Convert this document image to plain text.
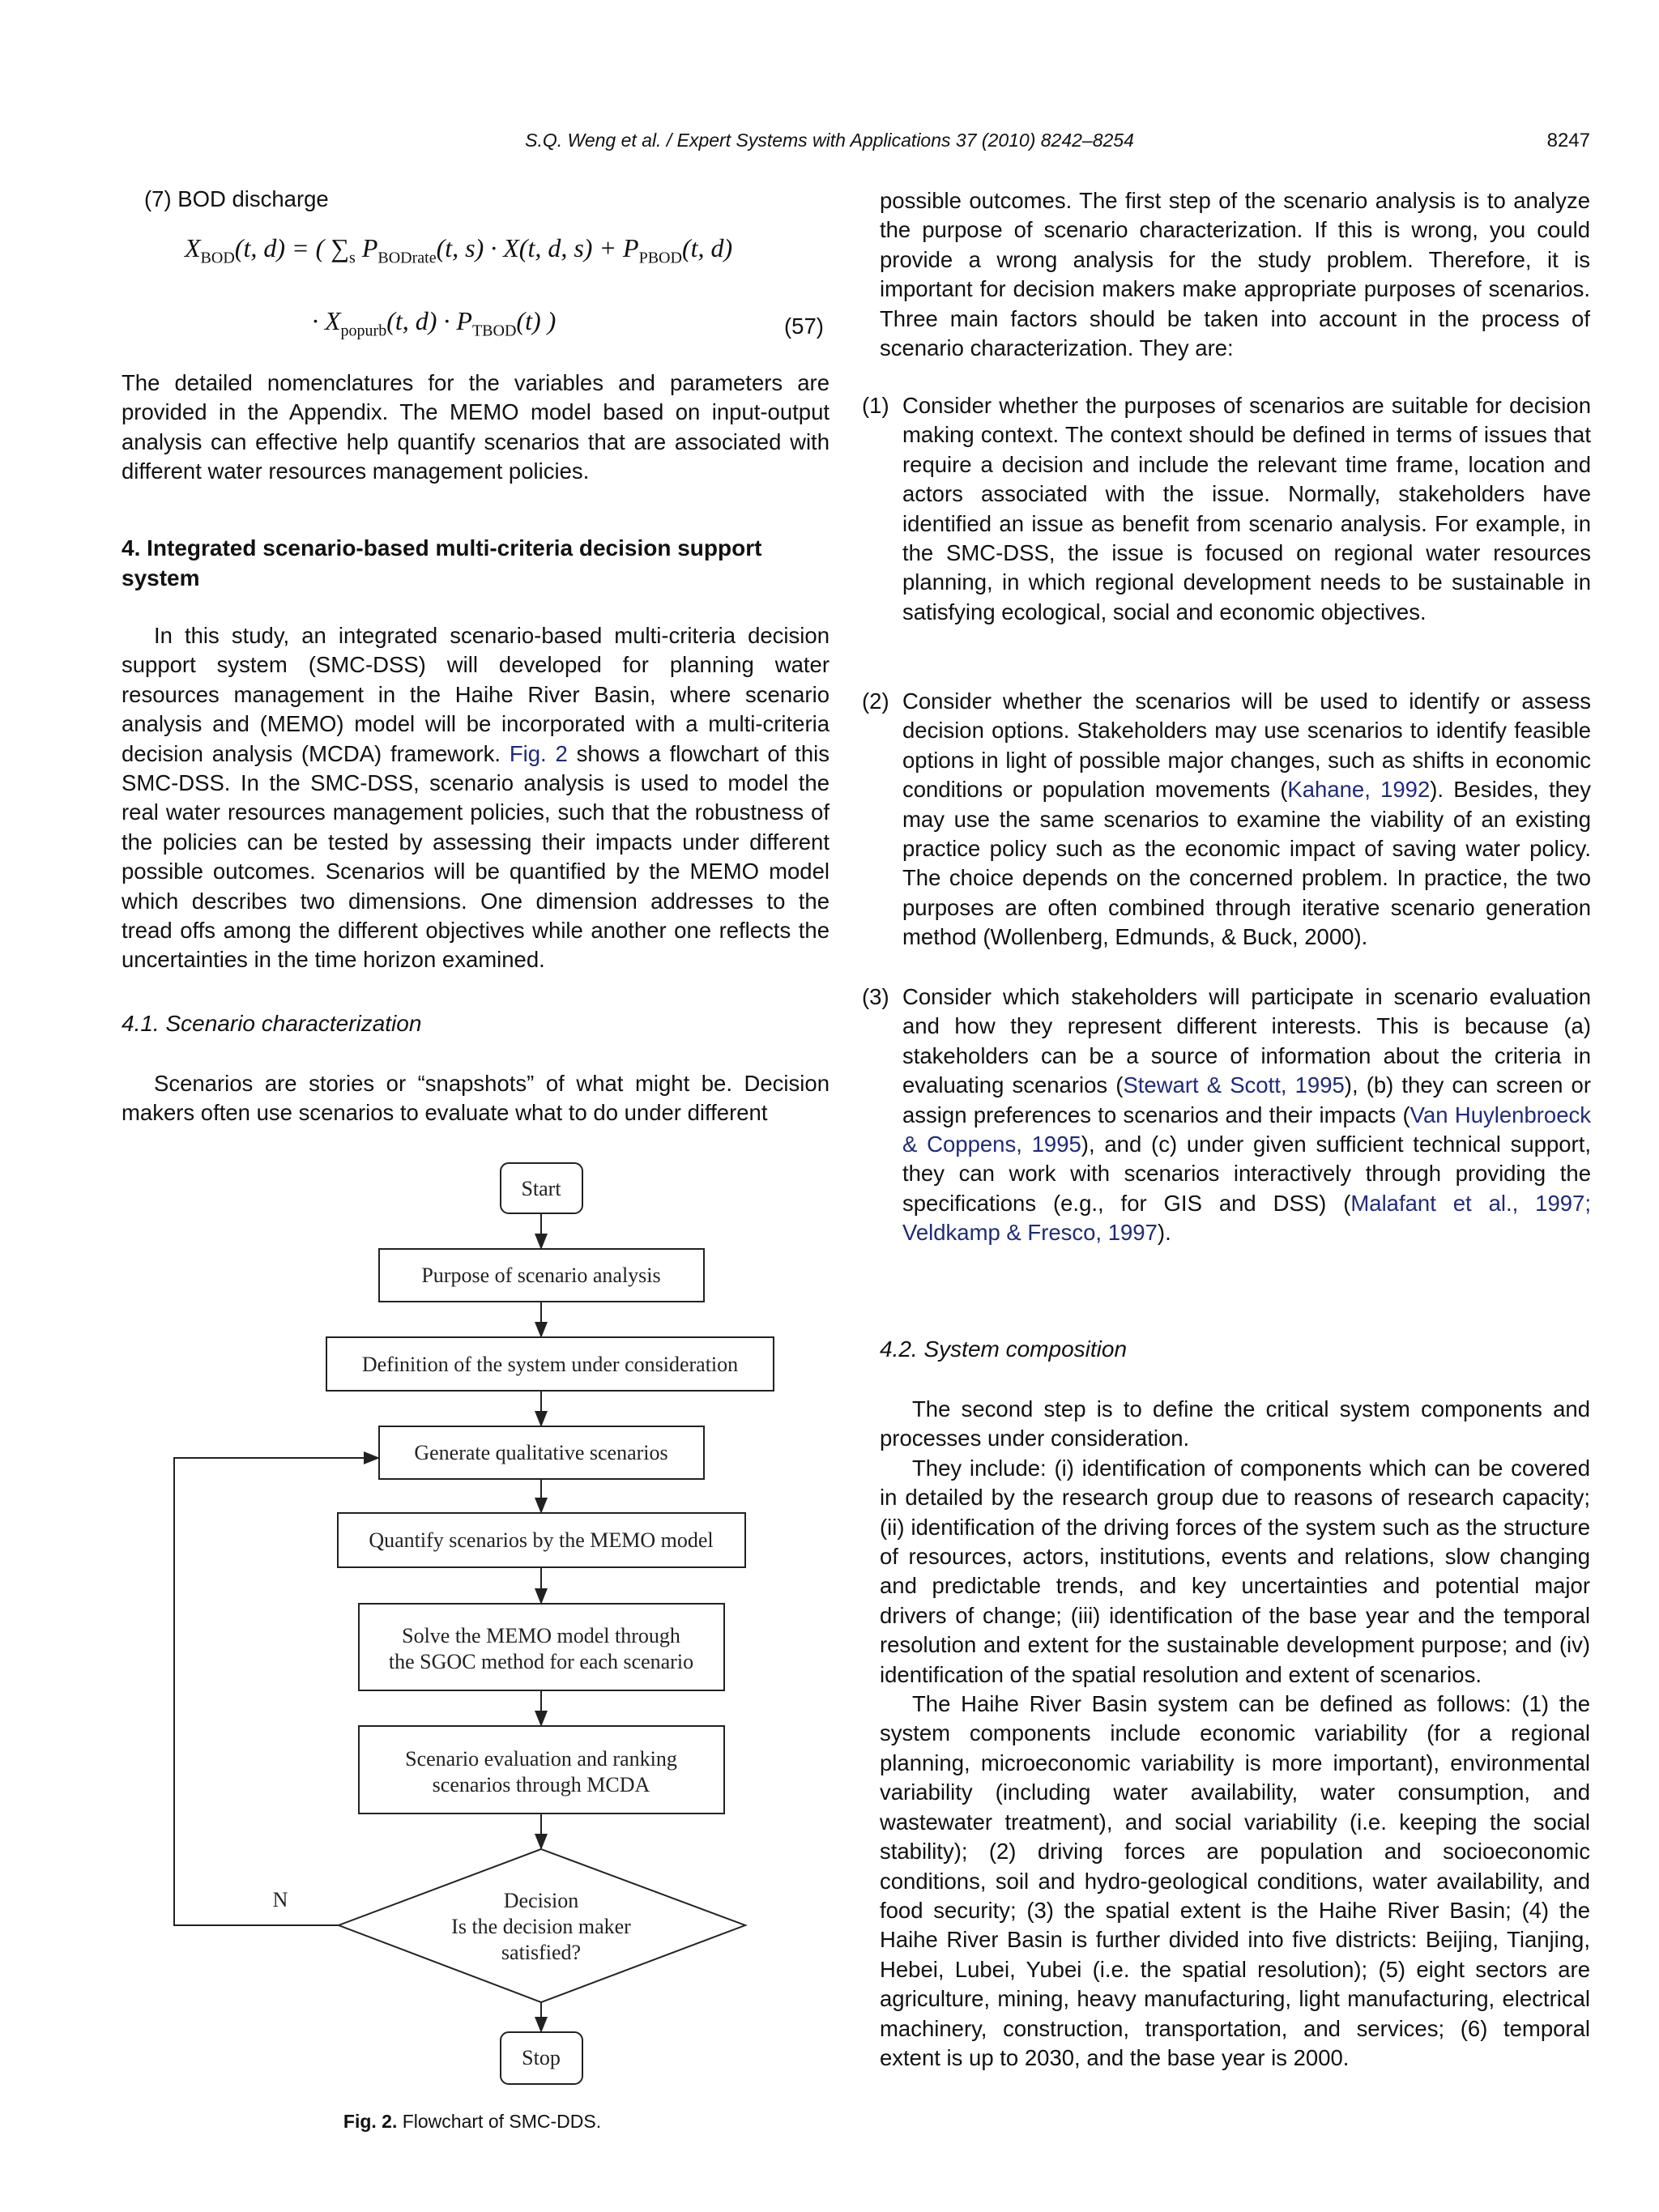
S.Q. Weng et al. / Expert Systems with Applications 37 (2010) 8242–8254	8247
(7) BOD discharge
$X_{BOD}(t$, d) = ( $\sum_s$ $P_{BODrate}(t$, s) · X(t, d, $s) + P_{PBOD}(t$, d)
· $X_{popurb}(t$, $d) \cdot P_{TBOD}(t)$ )	(57)
The detailed nomenclatures for the variables and parameters are provided in the Appendix. The MEMO model based on input-output analysis can effective help quantify scenarios that are associated with different water resources management policies.
4. Integrated scenario-based multi-criteria decision support system
In this study, an integrated scenario-based multi-criteria decision support system (SMC-DSS) will developed for planning water resources management in the Haihe River Basin, where scenario analysis and (MEMO) model will be incorporated with a multi-criteria decision analysis (MCDA) framework. Fig. 2 shows a flowchart of this SMC-DSS. In the SMC-DSS, scenario analysis is used to model the real water resources management policies, such that the robustness of the policies can be tested by assessing their impacts under different possible outcomes. Scenarios will be quantified by the MEMO model which describes two dimensions. One dimension addresses to the tread offs among the different objectives while another one reflects the uncertainties in the time horizon examined.
4.1. Scenario characterization
Scenarios are stories or “snapshots” of what might be. Decision makers often use scenarios to evaluate what to do under different
Start
Purpose of scenario analysis
Definition of the system under consideration
Generate qualitative scenarios
Quantify scenarios by the MEMO model
Solve the MEMO model through
the SGOC method for each scenario
Scenario evaluation and ranking
scenarios through MCDA
Decision
Is the decision maker
satisfied?
N
Stop
Fig. 2. Flowchart of SMC-DDS.
possible outcomes. The first step of the scenario analysis is to analyze the purpose of scenario characterization. If this is wrong, you could provide a wrong analysis for the study problem. Therefore, it is important for decision makers make appropriate purposes of scenarios. Three main factors should be taken into account in the process of scenario characterization. They are:
(1) Consider whether the purposes of scenarios are suitable for decision making context. The context should be defined in terms of issues that require a decision and include the relevant time frame, location and actors associated with the issue. Normally, stakeholders have identified an issue as benefit from scenario analysis. For example, in the SMC-DSS, the issue is focused on regional water resources planning, in which regional development needs to be sustainable in satisfying ecological, social and economic objectives.
(2) Consider whether the scenarios will be used to identify or assess decision options. Stakeholders may use scenarios to identify feasible options in light of possible major changes, such as shifts in economic conditions or population movements (Kahane, 1992). Besides, they may use the same scenarios to examine the viability of an existing practice policy such as the economic impact of saving water policy. The choice depends on the concerned problem. In practice, the two purposes are often combined through iterative scenario generation method (Wollenberg, Edmunds, & Buck, 2000).
(3) Consider which stakeholders will participate in scenario evaluation and how they represent different interests. This is because (a) stakeholders can be a source of information about the criteria in evaluating scenarios (Stewart & Scott, 1995), (b) they can screen or assign preferences to scenarios and their impacts (Van Huylenbroeck & Coppens, 1995), and (c) under given sufficient technical support, they can work with scenarios interactively through providing the specifications (e.g., for GIS and DSS) (Malafant et al., 1997; Veldkamp & Fresco, 1997).
4.2. System composition
The second step is to define the critical system components and processes under consideration.
They include: (i) identification of components which can be covered in detailed by the research group due to reasons of research capacity; (ii) identification of the driving forces of the system such as the structure of resources, actors, institutions, events and relations, slow changing and predictable trends, and key uncertainties and potential major drivers of change; (iii) identification of the base year and the temporal resolution and extent for the sustainable development purpose; and (iv) identification of the spatial resolution and extent of scenarios.
The Haihe River Basin system can be defined as follows: (1) the system components include economic variability (for a regional planning, microeconomic variability is more important), environmental variability (including water availability, water consumption, and wastewater treatment), and social variability (i.e. keeping the social stability); (2) driving forces are population and socioeconomic conditions, soil and hydro-geological conditions, water availability, and food security; (3) the spatial extent is the Haihe River Basin; (4) the Haihe River Basin is further divided into five districts: Beijing, Tianjing, Hebei, Lubei, Yubei (i.e. the spatial resolution); (5) eight sectors are agriculture, mining, heavy manufacturing, light manufacturing, electrical machinery, construction, transportation, and services; (6) temporal extent is up to 2030, and the base year is 2000.
